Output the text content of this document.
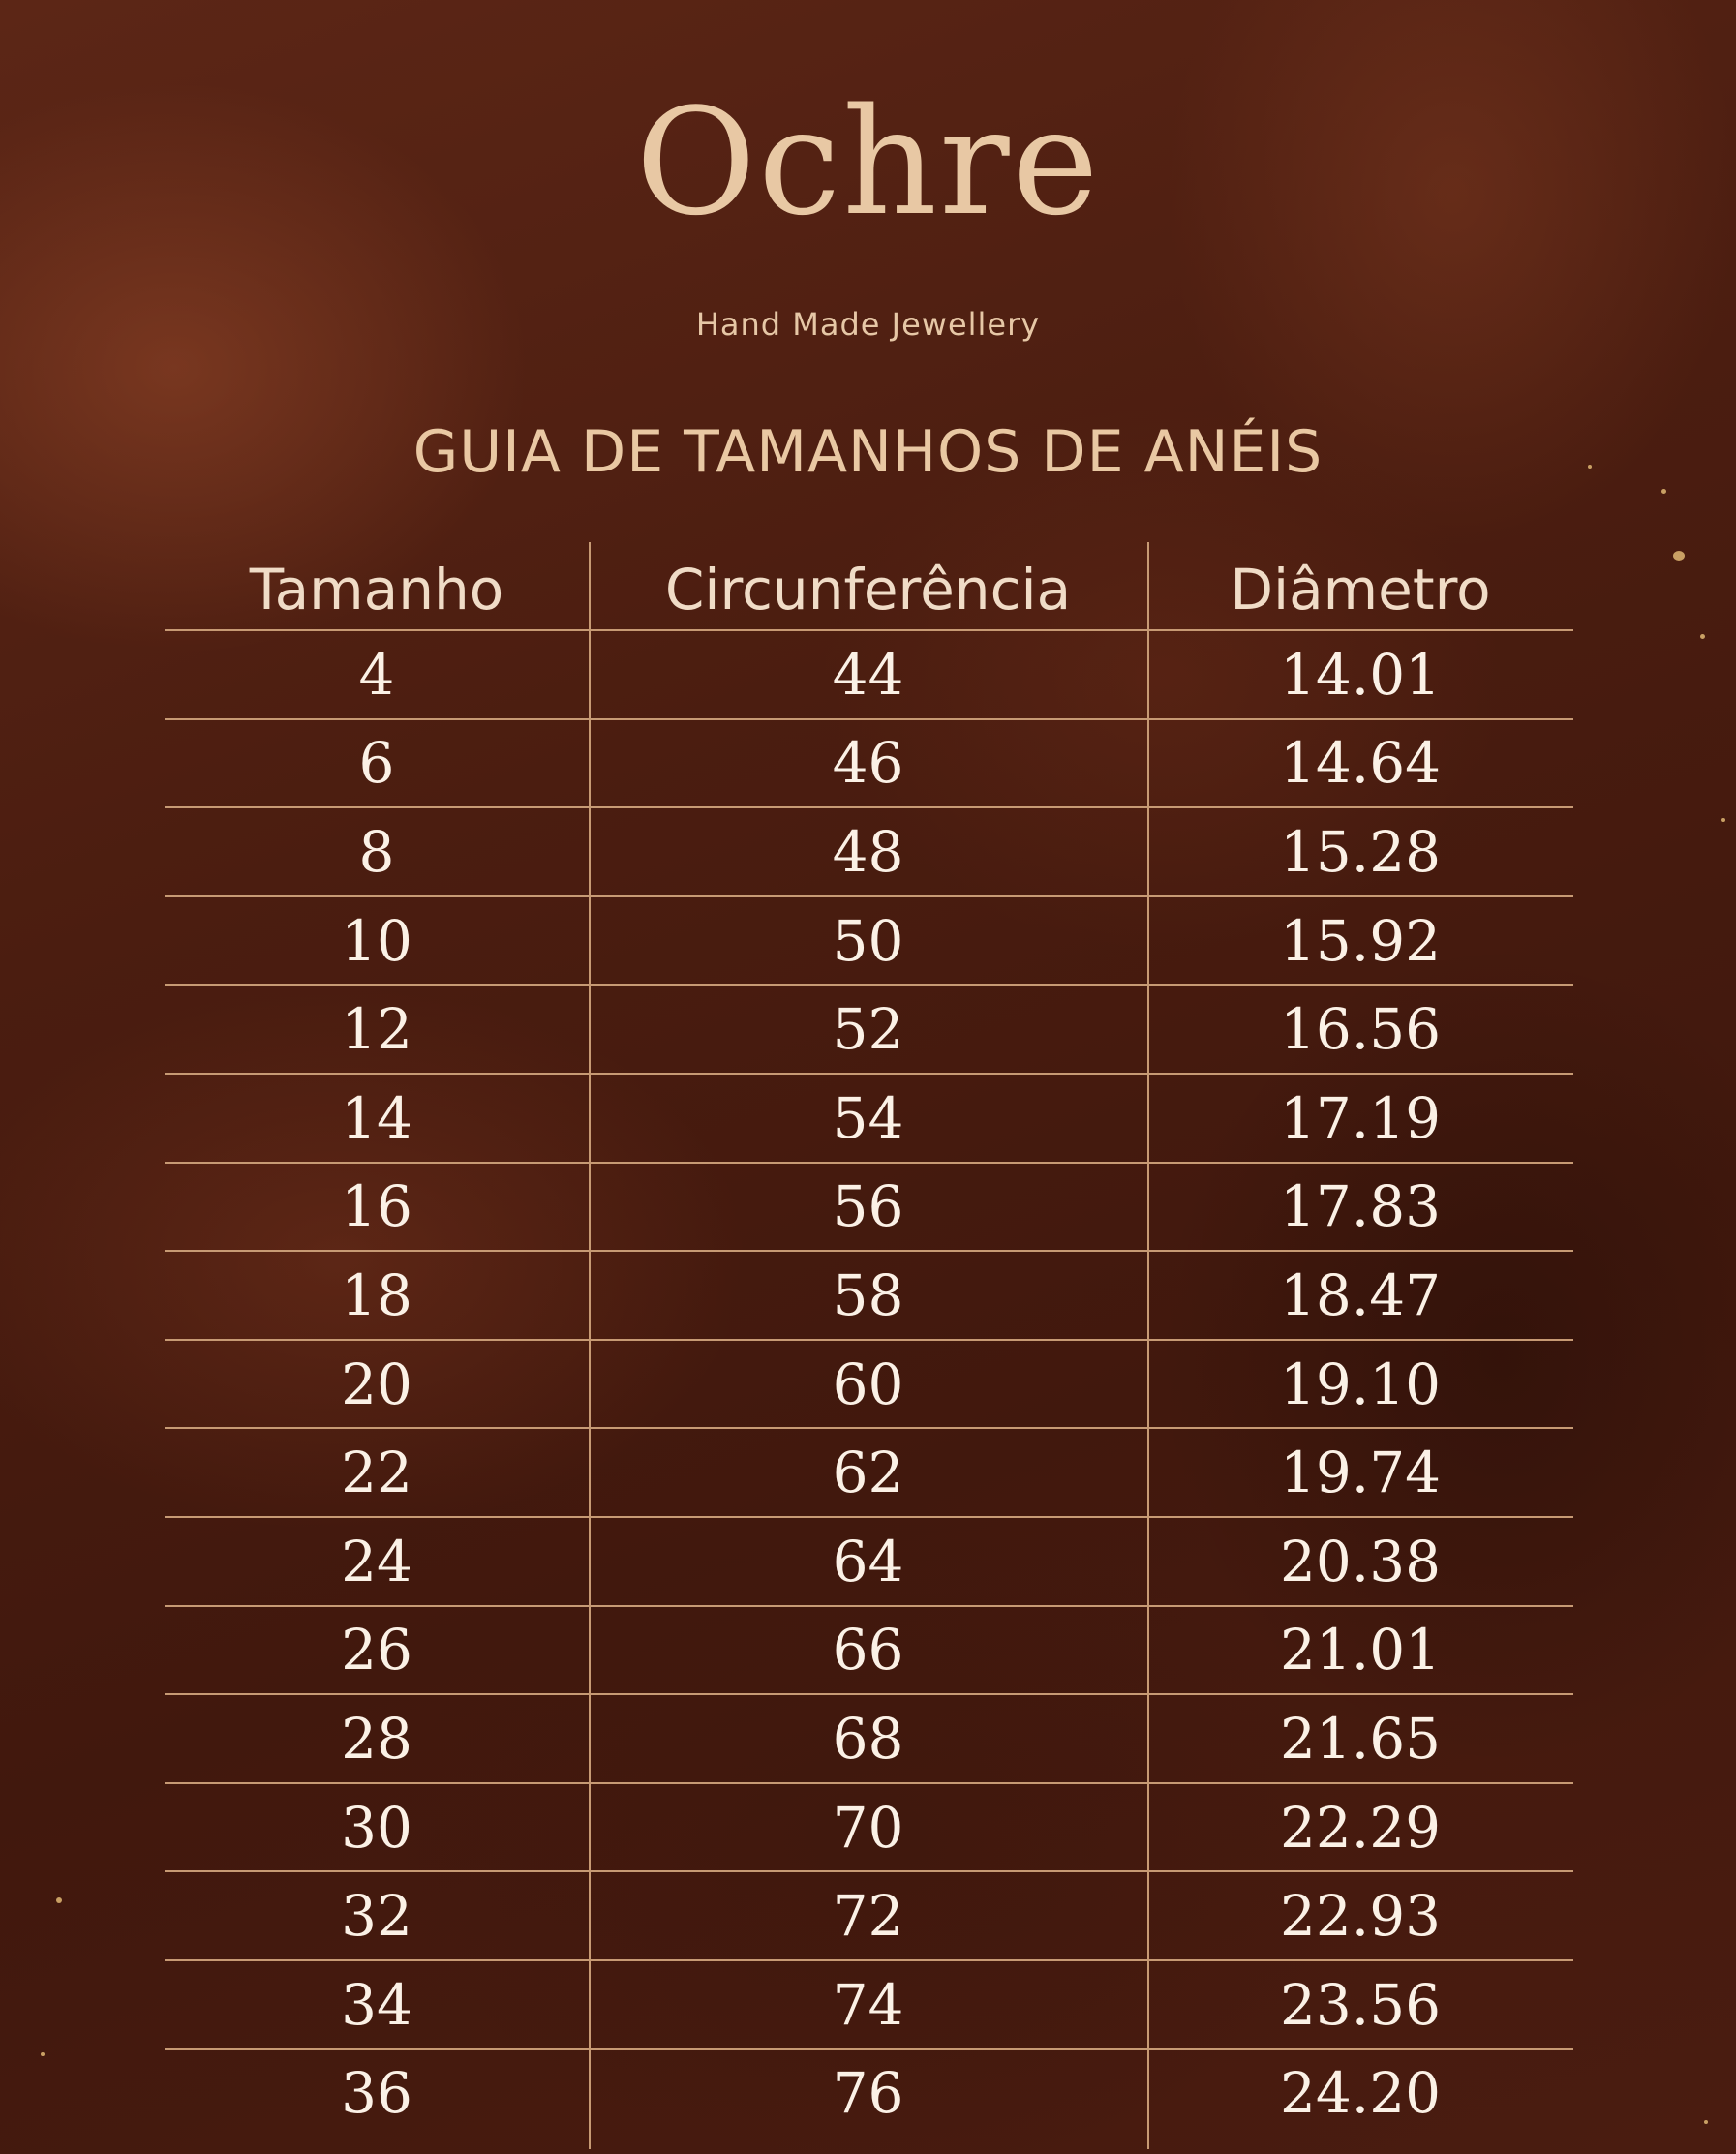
Ochre
Hand Made Jewellery
GUIA DE TAMANHOS DE ANÉIS
Tamanho	Circunferência	Diâmetro
4	44	14.01
6	46	14.64
8	48	15.28
10	50	15.92
12	52	16.56
14	54	17.19
16	56	17.83
18	58	18.47
20	60	19.10
22	62	19.74
24	64	20.38
26	66	21.01
28	68	21.65
30	70	22.29
32	72	22.93
34	74	23.56
36	76	24.20
